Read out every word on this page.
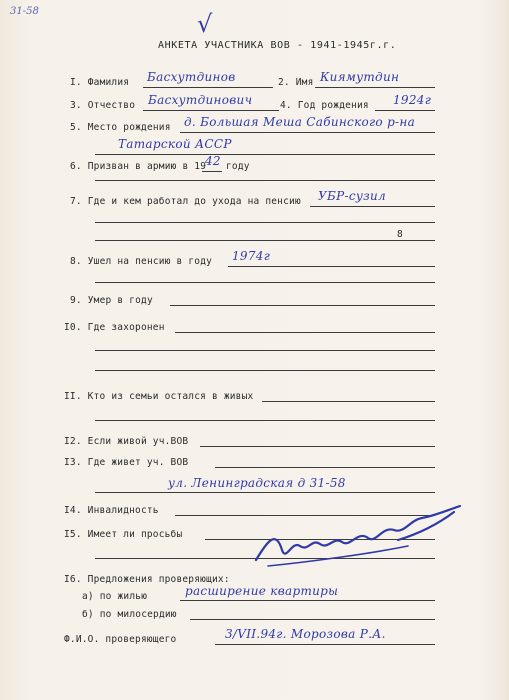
31-58	√
АНКЕТА УЧАСТНИКА ВОВ - 1941-1945г.г.
I. Фамилия Басхутдинов	2. Имя Киямутдин
3. Отчество Басхутдинович	4. Год рождения 1924г
5. Место рождения д. Большая Меша Сабинского р-на
Татарской АССР
6. Призван в армию в 19
42 году
7. Где и кем работал до ухода на пенсию УБР-сузил
8
8. Ушел на пенсию в году 1974г
9. Умер в году
I0. Где захоронен
II. Кто из семьи остался в живых
I2. Если живой уч.ВОВ
I3. Где живет уч. ВОВ
ул. Ленинградская д 31-58
I4. Инвалидность
I5. Имеет ли просьбы
I6. Предложения проверяющих:
а) по жилью	расширение квартиры
б) по милосердию
Ф.И.О. проверяющего	3/VII.94г. Морозова Р.А.
